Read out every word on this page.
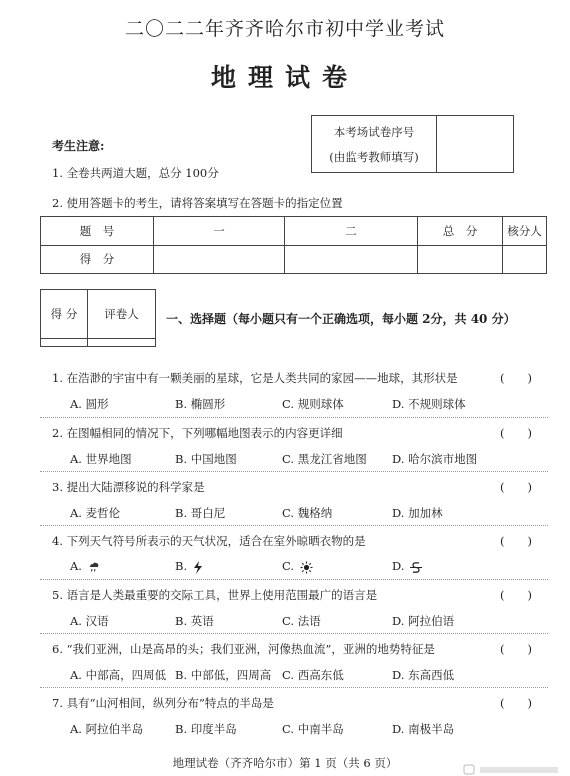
二〇二二年齐齐哈尔市初中学业考试
地理试卷
本考场试卷序号
(由监考教师填写)
考生注意:
1. 全卷共两道大题，总分 100分
2. 使用答题卡的考生，请将答案填写在答题卡的指定位置
题　号	一	二	总　分	核分人
得　分				
得 分	评卷人
	一、选择题（每小题只有一个正确选项，每小题 2分，共 40 分）
1. 在浩渺的宇宙中有一颗美丽的星球，它是人类共同的家园——地球，其形状是	(　　)
A. 圆形	B. 椭圆形	C. 规则球体	D. 不规则球体
2. 在图幅相同的情况下，下列哪幅地图表示的内容更详细	(　　)
A. 世界地图	B. 中国地图	C. 黑龙江省地图 D. 哈尔滨市地图
3. 提出大陆漂移说的科学家是	(　　)
A. 麦哲伦	B. 哥白尼	C. 魏格纳	D. 加加林
4. 下列天气符号所表示的天气状况，适合在室外晾晒衣物的是	(　　)
A.	B.	C.	D.
5. 语言是人类最重要的交际工具，世界上使用范围最广的语言是	(　　)
A. 汉语	B. 英语	C. 法语	D. 阿拉伯语
6. “我们亚洲，山是高昂的头；我们亚洲，河像热血流”，亚洲的地势特征是	(　　)
A. 中部高，四周低 B. 中部低，四周高 C. 西高东低	D. 东高西低
7. 具有“山河相间，纵列分布”特点的半岛是	(　　)
A. 阿拉伯半岛	B. 印度半岛	C. 中南半岛	D. 南极半岛
地理试卷（齐齐哈尔市）第 1 页（共 6 页）
